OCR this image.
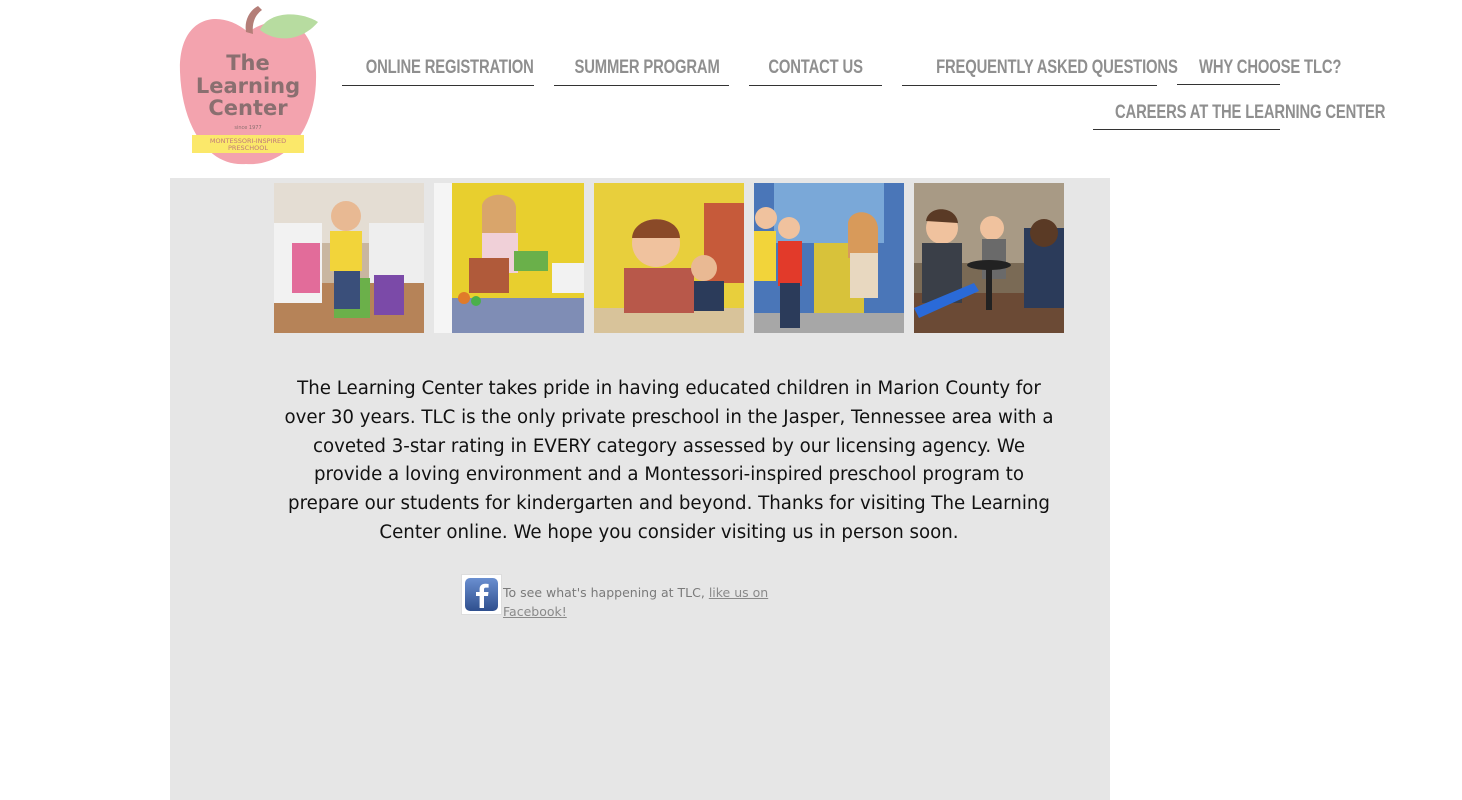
The
Learning
Center
since 1977
MONTESSORI-INSPIRED
PRESCHOOL
ONLINE REGISTRATION	SUMMER PROGRAM	CONTACT US	FREQUENTLY ASKED QUESTIONS	WHY CHOOSE TLC?
CAREERS AT THE LEARNING CENTER

The Learning Center takes pride in having educated children in Marion County for over 30 years. TLC is the only private preschool in the Jasper, Tennessee area with a coveted 3-star rating in EVERY category assessed by our licensing agency. We provide a loving environment and a Montessori-inspired preschool program to prepare our students for kindergarten and beyond. Thanks for visiting The Learning Center online. We hope you consider visiting us in person soon.

To see what's happening at TLC, like us on Facebook!
